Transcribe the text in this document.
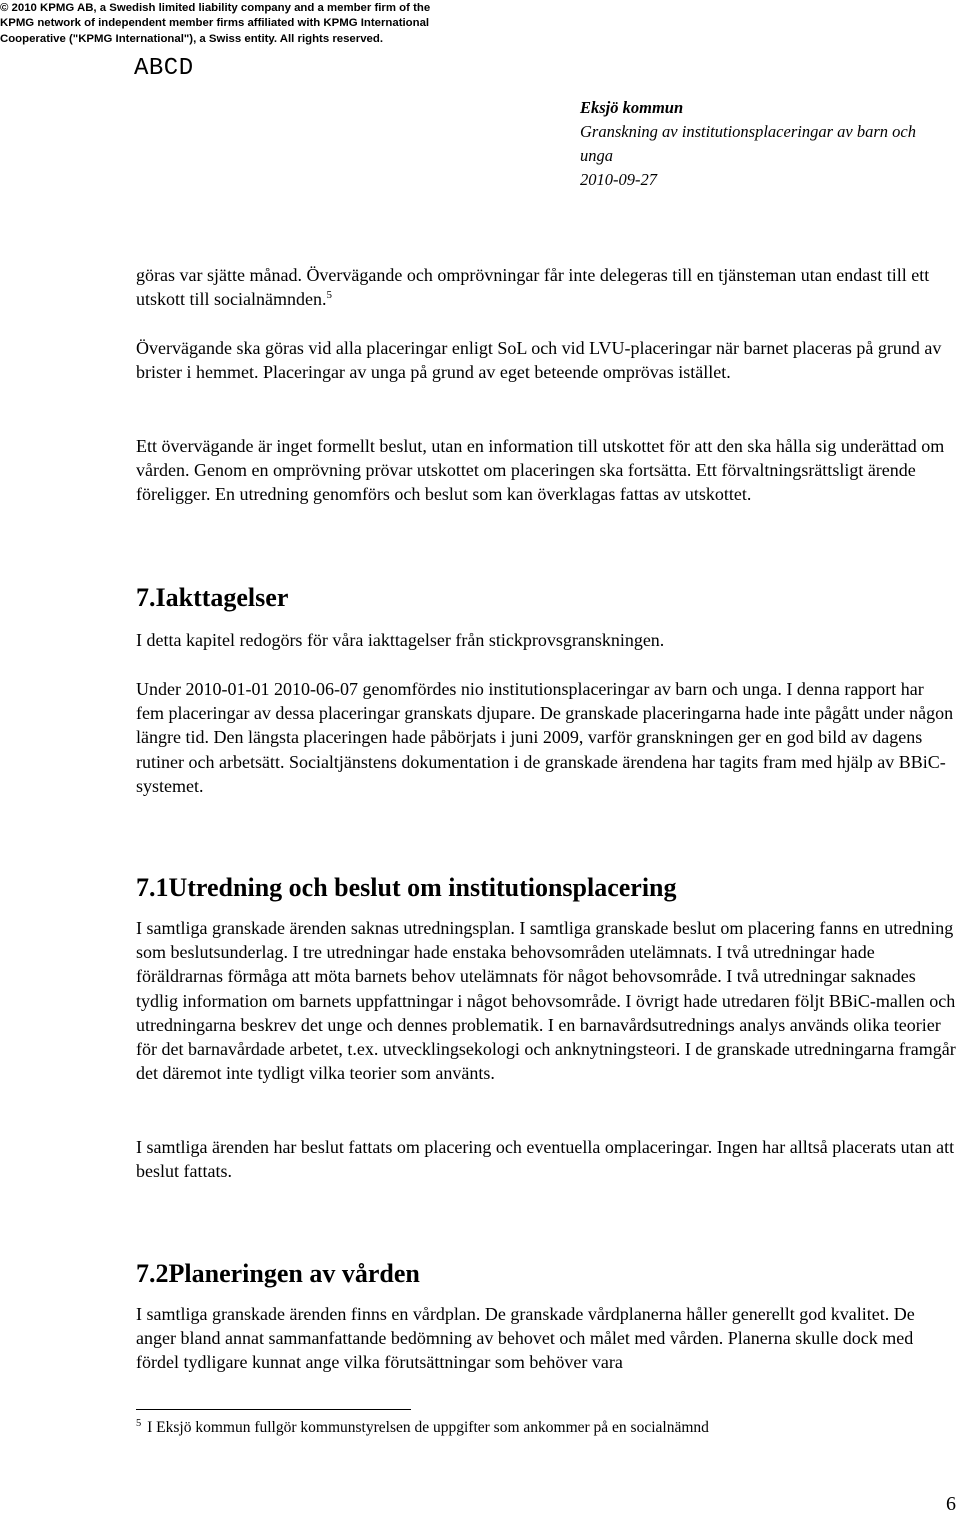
© 2010 KPMG AB, a Swedish limited liability company and a member firm of the
KPMG network of independent member firms affiliated with KPMG International
Cooperative ("KPMG International"), a Swiss entity. All rights reserved.
ABCD
Eksjö kommun
Granskning av institutionsplaceringar av barn och unga
2010-09-27

göras var sjätte månad. Övervägande och omprövningar får inte delegeras till en tjänsteman utan endast till ett utskott till socialnämnden.$^5$

Övervägande ska göras vid alla placeringar enligt SoL och vid LVU-placeringar när barnet placeras på grund av brister i hemmet. Placeringar av unga på grund av eget beteende omprövas istället.

Ett övervägande är inget formellt beslut, utan en information till utskottet för att den ska hålla sig underättad om vården. Genom en omprövning prövar utskottet om placeringen ska fortsätta. Ett förvaltningsrättsligt ärende föreligger. En utredning genomförs och beslut som kan överklagas fattas av utskottet.

7.Iakttagelser

I detta kapitel redogörs för våra iakttagelser från stickprovsgranskningen.

Under 2010-01-01 2010-06-07 genomfördes nio institutionsplaceringar av barn och unga. I denna rapport har fem placeringar av dessa placeringar granskats djupare. De granskade placeringarna hade inte pågått under någon längre tid. Den längsta placeringen hade påbörjats i juni 2009, varför granskningen ger en god bild av dagens rutiner och arbetsätt. Socialtjänstens dokumentation i de granskade ärendena har tagits fram med hjälp av BBiC-systemet.

7.1Utredning och beslut om institutionsplacering

I samtliga granskade ärenden saknas utredningsplan. I samtliga granskade beslut om placering fanns en utredning som beslutsunderlag. I tre utredningar hade enstaka behovsområden utelämnats. I två utredningar hade föräldrarnas förmåga att möta barnets behov utelämnats för något behovsområde. I två utredningar saknades tydlig information om barnets uppfattningar i något behovsområde. I övrigt hade utredaren följt BBiC-mallen och utredningarna beskrev det unge och dennes problematik. I en barnavårdsutrednings analys används olika teorier för det barnavårdade arbetet, t.ex. utvecklingsekologi och anknytningsteori. I de granskade utredningarna framgår det däremot inte tydligt vilka teorier som använts.

I samtliga ärenden har beslut fattats om placering och eventuella omplaceringar. Ingen har alltså placerats utan att beslut fattats.

7.2Planeringen av vården

I samtliga granskade ärenden finns en vårdplan. De granskade vårdplanerna håller generellt god kvalitet. De anger bland annat sammanfattande bedömning av behovet och målet med vården. Planerna skulle dock med fördel tydligare kunnat ange vilka förutsättningar som behöver vara

$^5$ I Eksjö kommun fullgör kommunstyrelsen de uppgifter som ankommer på en socialnämnd
6
